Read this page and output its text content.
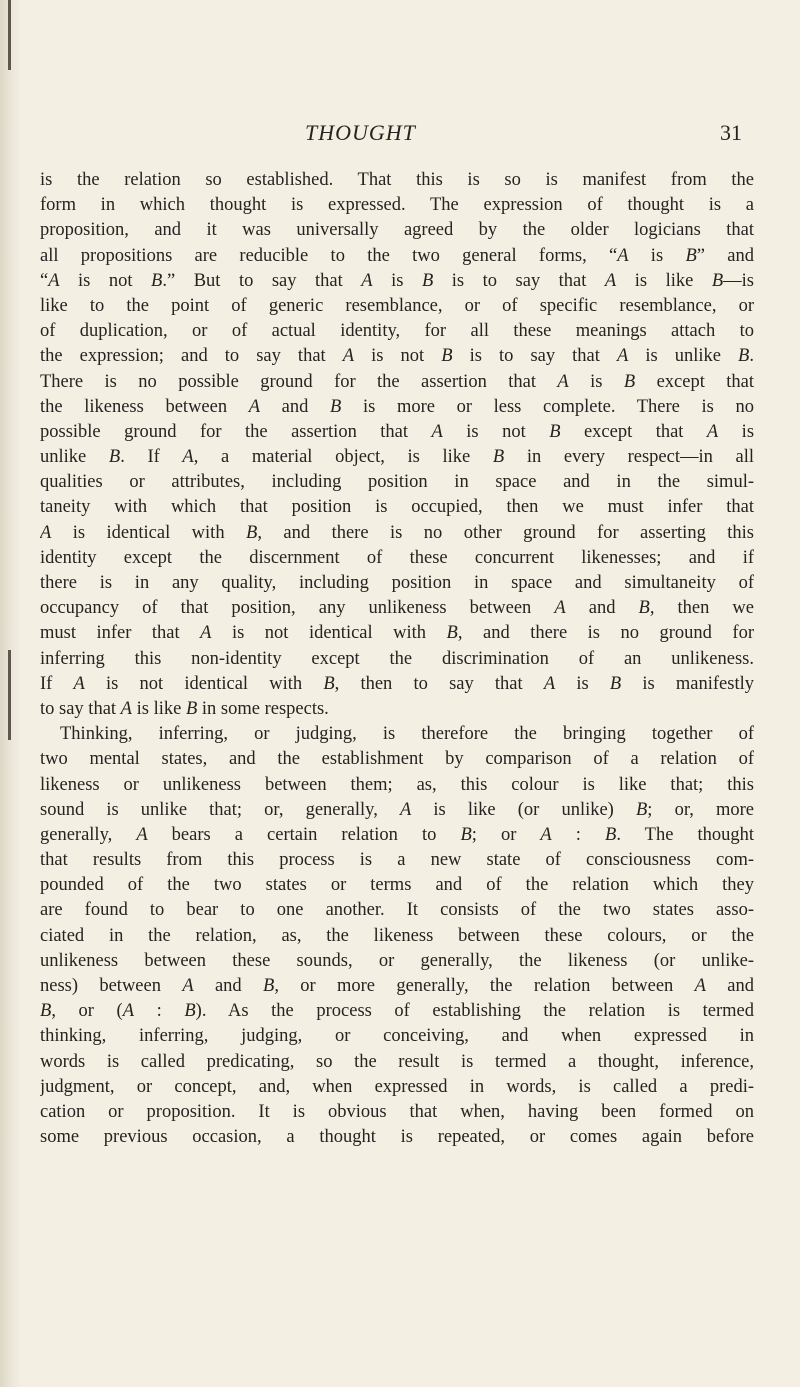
THOUGHT	31
is the relation so established. That this is so is manifest from the
form in which thought is expressed. The expression of thought is a
proposition, and it was universally agreed by the older logicians that
all propositions are reducible to the two general forms, “A is B” and
“A is not B.” But to say that A is B is to say that A is like B—is
like to the point of generic resemblance, or of specific resemblance, or
of duplication, or of actual identity, for all these meanings attach to
the expression; and to say that A is not B is to say that A is unlike B.
There is no possible ground for the assertion that A is B except that
the likeness between A and B is more or less complete. There is no
possible ground for the assertion that A is not B except that A is
unlike B. If A, a material object, is like B in every respect—in all
qualities or attributes, including position in space and in the simul-
taneity with which that position is occupied, then we must infer that
A is identical with B, and there is no other ground for asserting this
identity except the discernment of these concurrent likenesses; and if
there is in any quality, including position in space and simultaneity of
occupancy of that position, any unlikeness between A and B, then we
must infer that A is not identical with B, and there is no ground for
inferring this non-identity except the discrimination of an unlikeness.
If A is not identical with B, then to say that A is B is manifestly
to say that A is like B in some respects.
Thinking, inferring, or judging, is therefore the bringing together of
two mental states, and the establishment by comparison of a relation of
likeness or unlikeness between them; as, this colour is like that; this
sound is unlike that; or, generally, A is like (or unlike) B; or, more
generally, A bears a certain relation to B; or A : B. The thought
that results from this process is a new state of consciousness com-
pounded of the two states or terms and of the relation which they
are found to bear to one another. It consists of the two states asso-
ciated in the relation, as, the likeness between these colours, or the
unlikeness between these sounds, or generally, the likeness (or unlike-
ness) between A and B, or more generally, the relation between A and
B, or (A : B). As the process of establishing the relation is termed
thinking, inferring, judging, or conceiving, and when expressed in
words is called predicating, so the result is termed a thought, inference,
judgment, or concept, and, when expressed in words, is called a predi-
cation or proposition. It is obvious that when, having been formed on
some previous occasion, a thought is repeated, or comes again before
